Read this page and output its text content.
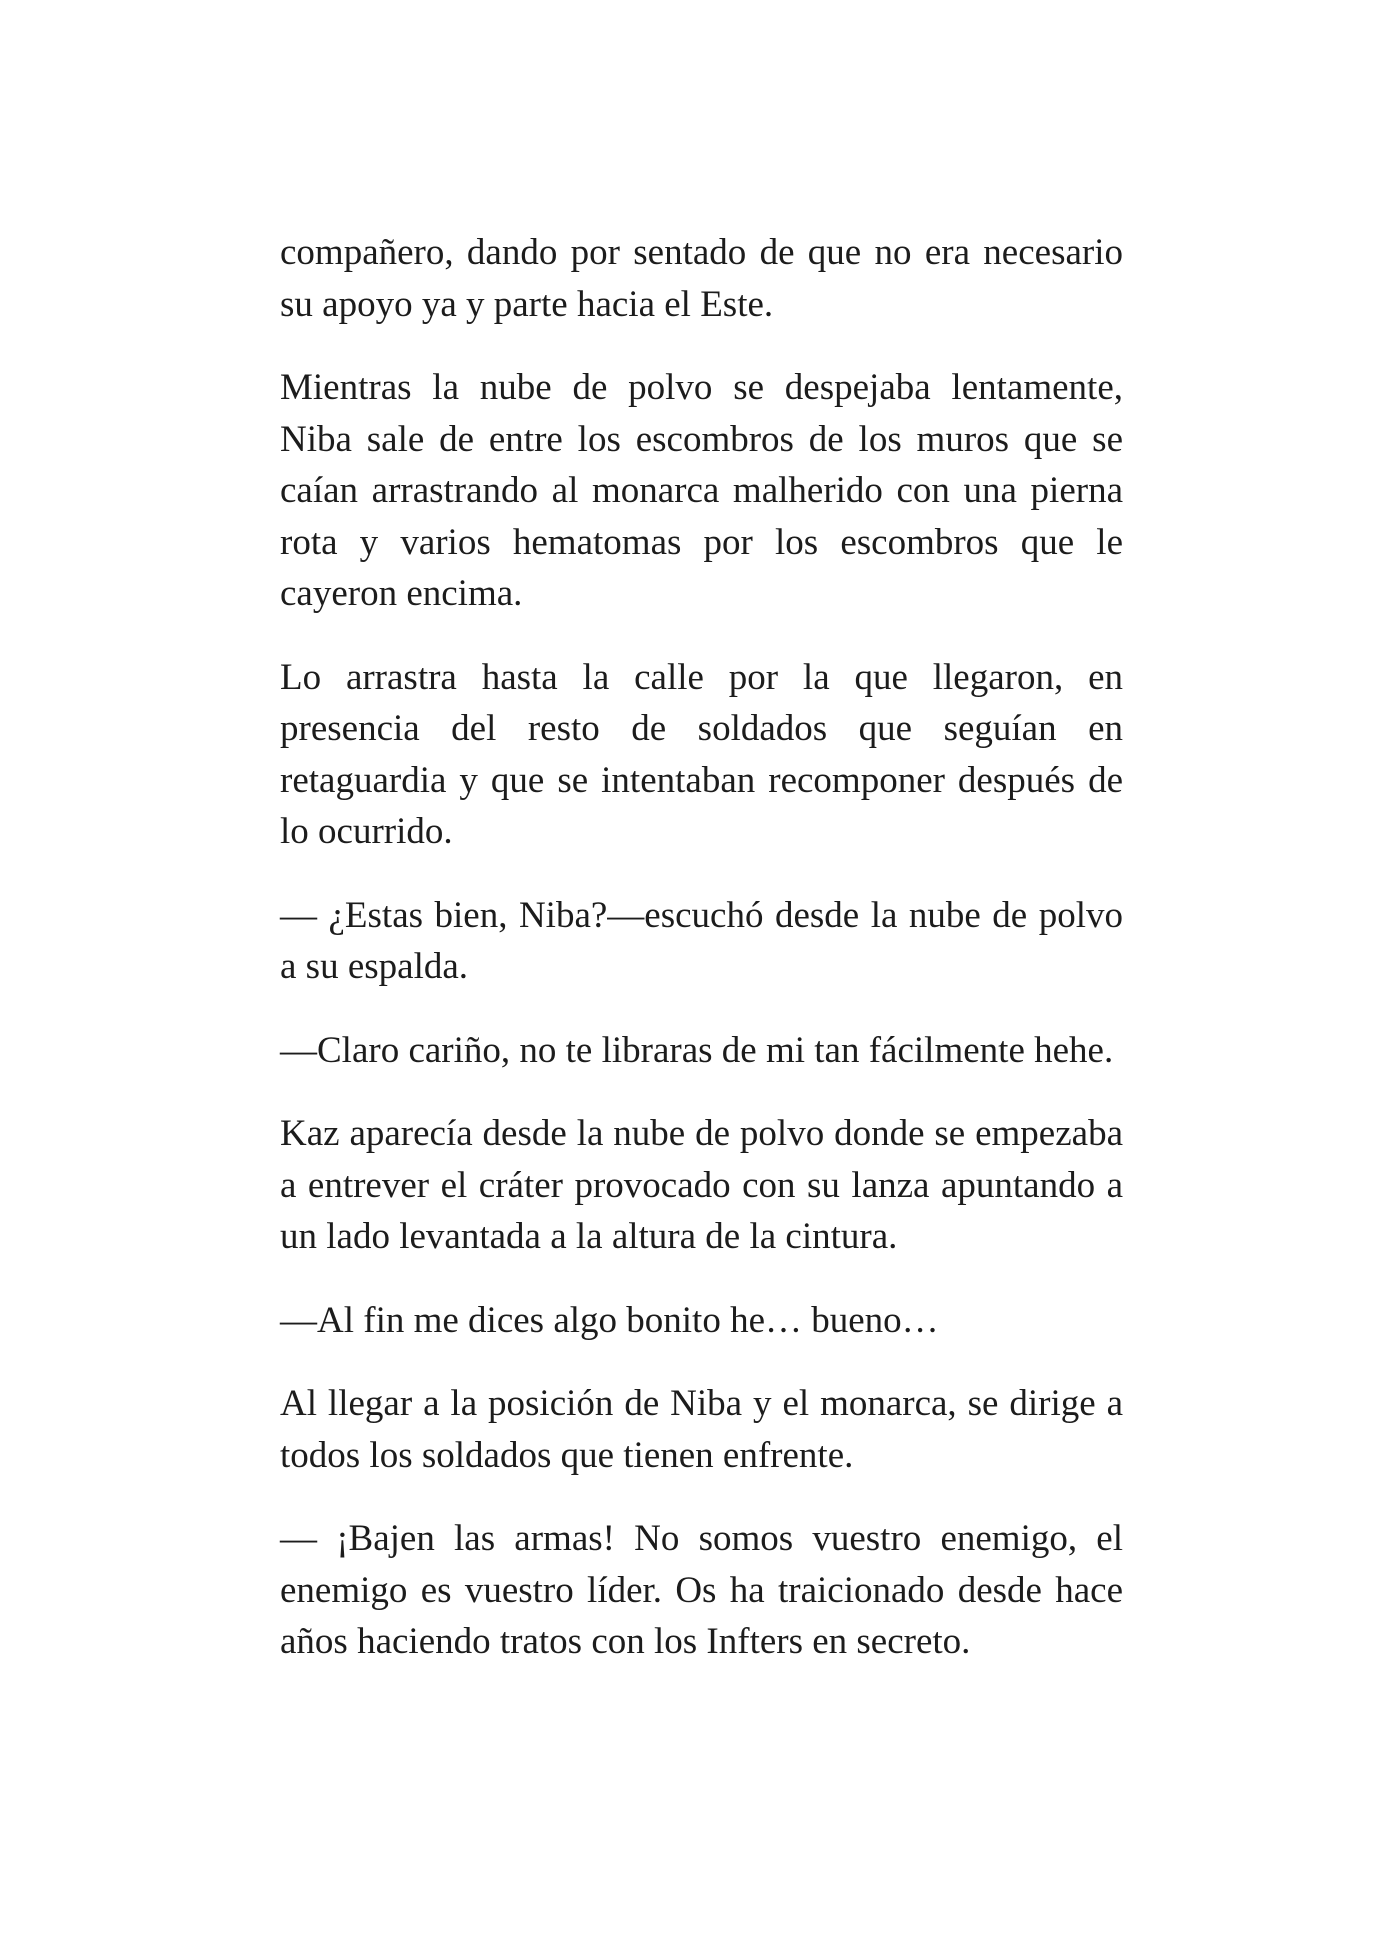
compañero, dando por sentado de que no era necesario su apoyo ya y parte hacia el Este.

Mientras la nube de polvo se despejaba lentamente, Niba sale de entre los escombros de los muros que se caían arrastrando al monarca malherido con una pierna rota y varios hematomas por los escombros que le cayeron encima.

Lo arrastra hasta la calle por la que llegaron, en presencia del resto de soldados que seguían en retaguardia y que se intentaban recomponer después de lo ocurrido.

— ¿Estas bien, Niba?—escuchó desde la nube de polvo a su espalda.

—Claro cariño, no te libraras de mi tan fácilmente hehe.

Kaz aparecía desde la nube de polvo donde se empezaba a entrever el cráter provocado con su lanza apuntando a un lado levantada a la altura de la cintura.

—Al fin me dices algo bonito he… bueno…

Al llegar a la posición de Niba y el monarca, se dirige a todos los soldados que tienen enfrente.

— ¡Bajen las armas! No somos vuestro enemigo, el enemigo es vuestro líder. Os ha traicionado desde hace años haciendo tratos con los Infters en secreto.
